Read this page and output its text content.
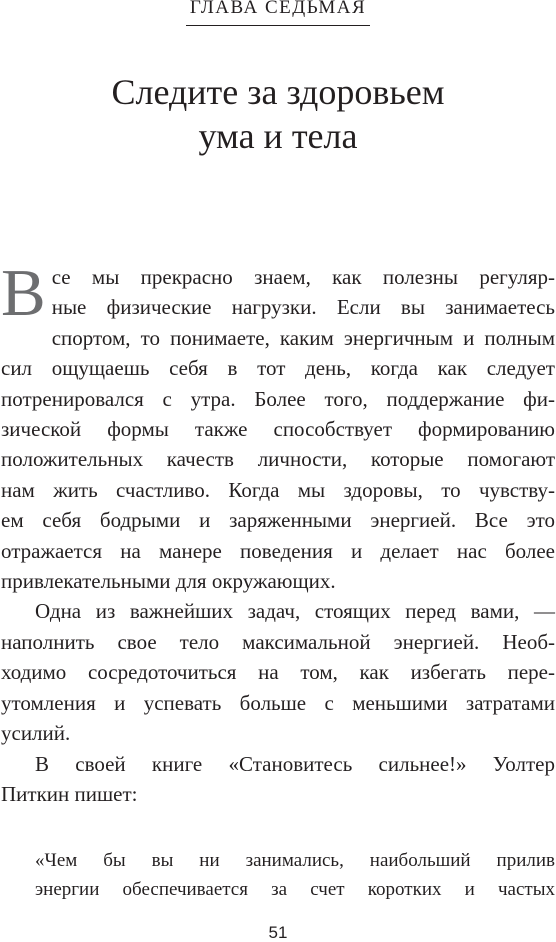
ГЛАВА СЕДЬМАЯ
Следите за здоровьем
ума и тела
В се мы прекрасно знаем, как полезны регуляр-
ные физические нагрузки. Если вы занимаетесь
спортом, то понимаете, каким энергичным и полным
сил ощущаешь себя в тот день, когда как следует
потренировался с утра. Более того, поддержание фи-
зической формы также способствует формированию
положительных качеств личности, которые помогают
нам жить счастливо. Когда мы здоровы, то чувству-
ем себя бодрыми и заряженными энергией. Все это
отражается на манере поведения и делает нас более
привлекательными для окружающих.
Одна из важнейших задач, стоящих перед вами, —
наполнить свое тело максимальной энергией. Необ-
ходимо сосредоточиться на том, как избегать пере-
утомления и успевать больше с меньшими затратами
усилий.
В своей книге «Становитесь сильнее!» Уолтер
Питкин пишет:
«Чем бы вы ни занимались, наибольший прилив
энергии обеспечивается за счет коротких и частых
51
